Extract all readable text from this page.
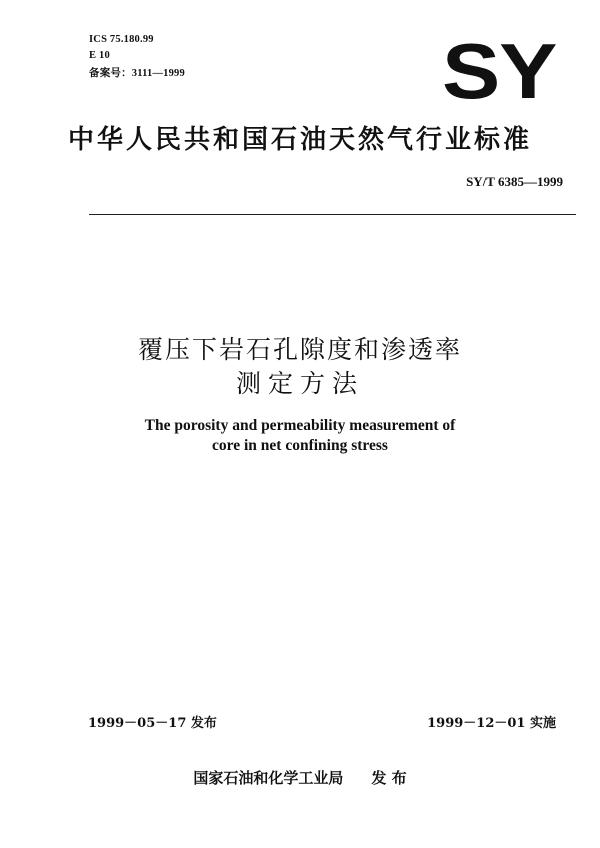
ICS 75.180.99
E 10
备案号：3111—1999	SY
中华人民共和国石油天然气行业标准
SY/T 6385—1999
覆压下岩石孔隙度和渗透率
测定方法
The porosity and permeability measurement of
core in net confining stress
1999－05－17 发布	1999－12－01 实施
国家石油和化学工业局 发 布
